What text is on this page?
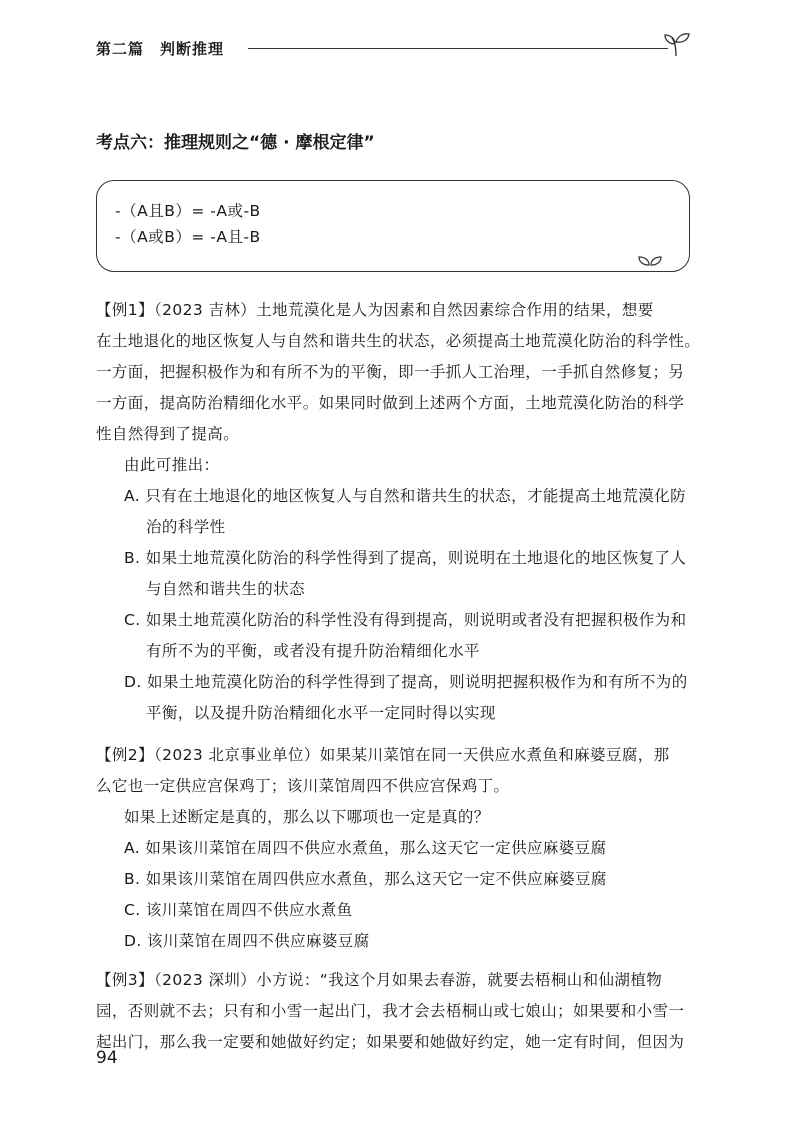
第二篇　判断推理
考点六：推理规则之“德 · 摩根定律”
-（A且B）= -A或-B
-（A或B）= -A且-B
【例1】（2023 吉林）土地荒漠化是人为因素和自然因素综合作用的结果，想要
在土地退化的地区恢复人与自然和谐共生的状态，必须提高土地荒漠化防治的科学性。
一方面，把握积极作为和有所不为的平衡，即一手抓人工治理，一手抓自然修复；另
一方面，提高防治精细化水平。如果同时做到上述两个方面，土地荒漠化防治的科学
性自然得到了提高。
由此可推出：
A. 只有在土地退化的地区恢复人与自然和谐共生的状态，才能提高土地荒漠化防
治的科学性
B. 如果土地荒漠化防治的科学性得到了提高，则说明在土地退化的地区恢复了人
与自然和谐共生的状态
C. 如果土地荒漠化防治的科学性没有得到提高，则说明或者没有把握积极作为和
有所不为的平衡，或者没有提升防治精细化水平
D. 如果土地荒漠化防治的科学性得到了提高，则说明把握积极作为和有所不为的
平衡，以及提升防治精细化水平一定同时得以实现
【例2】（2023 北京事业单位）如果某川菜馆在同一天供应水煮鱼和麻婆豆腐，那
么它也一定供应宫保鸡丁；该川菜馆周四不供应宫保鸡丁。
如果上述断定是真的，那么以下哪项也一定是真的？
A. 如果该川菜馆在周四不供应水煮鱼，那么这天它一定供应麻婆豆腐
B. 如果该川菜馆在周四供应水煮鱼，那么这天它一定不供应麻婆豆腐
C. 该川菜馆在周四不供应水煮鱼
D. 该川菜馆在周四不供应麻婆豆腐
【例3】（2023 深圳）小方说：“我这个月如果去春游，就要去梧桐山和仙湖植物
园，否则就不去；只有和小雪一起出门，我才会去梧桐山或七娘山；如果要和小雪一
起出门，那么我一定要和她做好约定；如果要和她做好约定，她一定有时间，但因为
94
